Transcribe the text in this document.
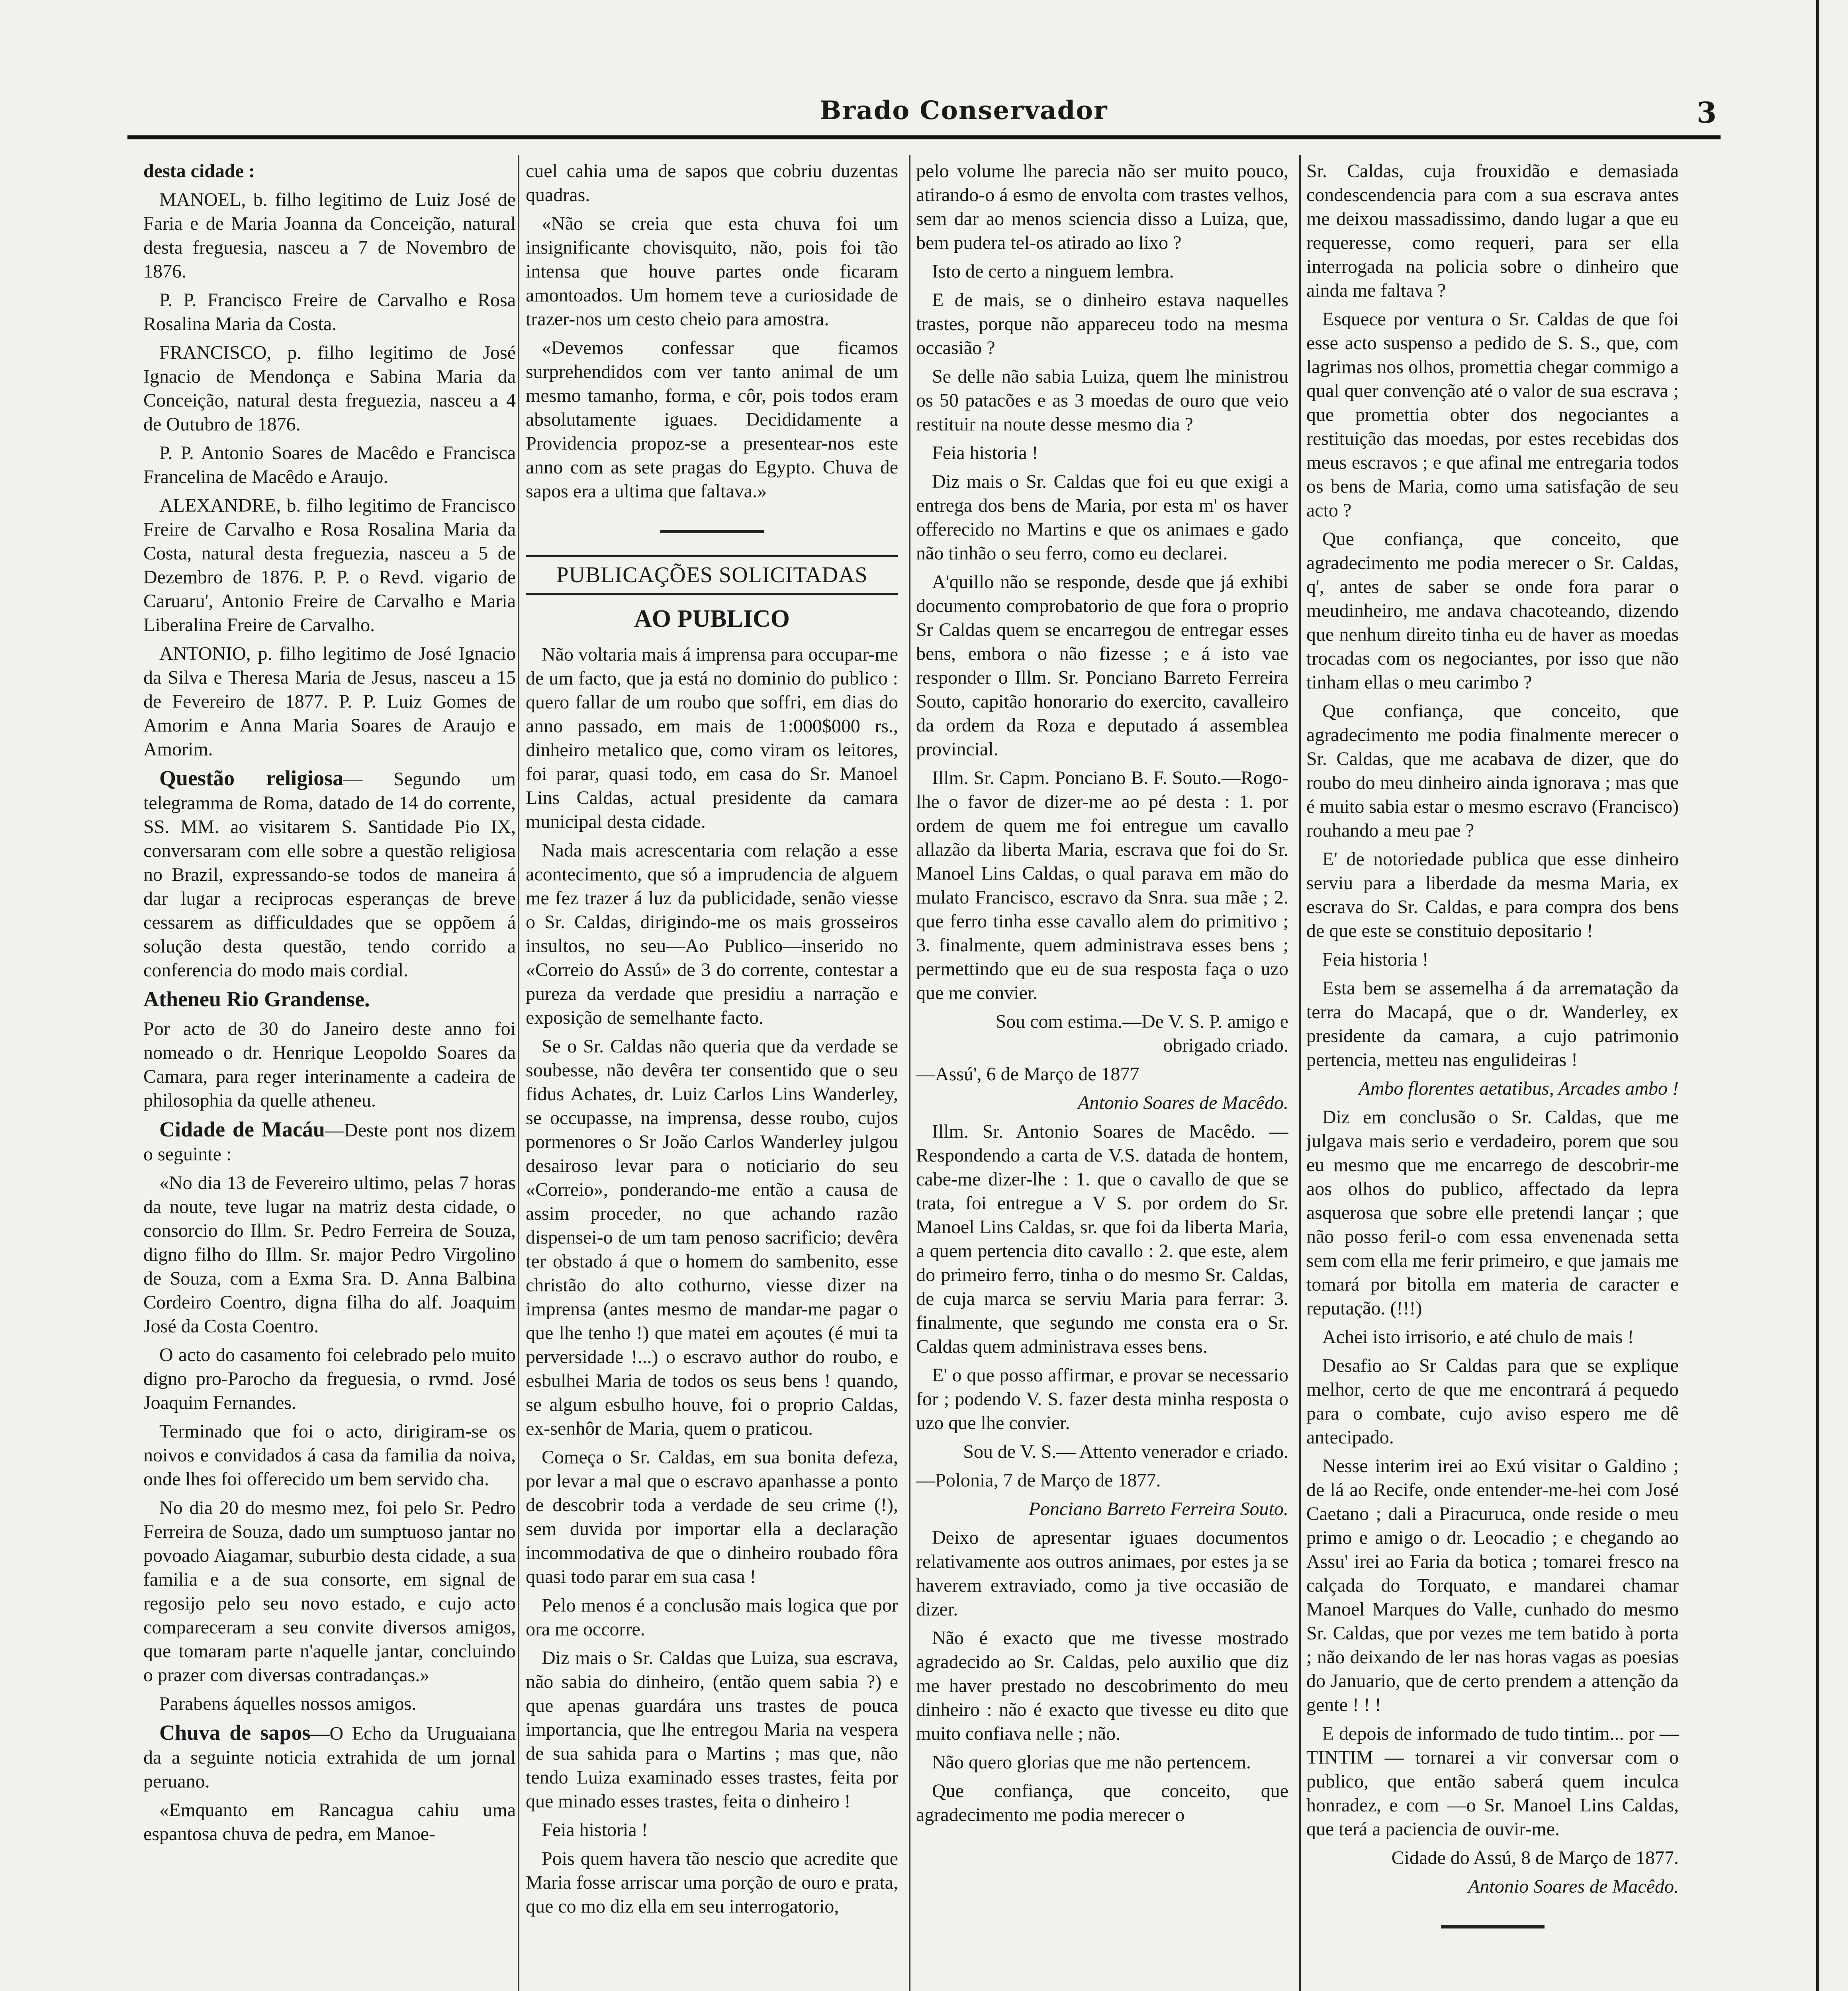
Brado Conservador	3

desta cidade :

MANOEL, b. filho legitimo de Luiz José de Faria e de Maria Joanna da Conceição, natural desta freguesia, nasceu a 7 de Novembro de 1876.

P. P. Francisco Freire de Carvalho e Rosa Rosalina Maria da Costa.

FRANCISCO, p. filho legitimo de José Ignacio de Mendonça e Sabina Maria da Conceição, natural desta freguezia, nasceu a 4 de Outubro de 1876.

P. P. Antonio Soares de Macêdo e Francisca Francelina de Macêdo e Araujo.

ALEXANDRE, b. filho legitimo de Francisco Freire de Carvalho e Rosa Rosalina Maria da Costa, natural desta freguezia, nasceu a 5 de Dezembro de 1876. P. P. o Revd. vigario de Caruaru', Antonio Freire de Carvalho e Maria Liberalina Freire de Carvalho.

ANTONIO, p. filho legitimo de José Ignacio da Silva e Theresa Maria de Jesus, nasceu a 15 de Fevereiro de 1877. P. P. Luiz Gomes de Amorim e Anna Maria Soares de Araujo e Amorim.

Questão religiosa— Segundo um telegramma de Roma, datado de 14 do corrente, SS. MM. ao visitarem S. Santidade Pio IX, conversaram com elle sobre a questão religiosa no Brazil, expressando-se todos de maneira á dar lugar a reciprocas esperanças de breve cessarem as difficuldades que se oppõem á solução desta questão, tendo corrido a conferencia do modo mais cordial.

Atheneu Rio Grandense.

Por acto de 30 do Janeiro deste anno foi nomeado o dr. Henrique Leopoldo Soares da Camara, para reger interinamente a cadeira de philosophia da quelle atheneu.

Cidade de Macáu—Deste pont nos dizem o seguinte :

«No dia 13 de Fevereiro ultimo, pelas 7 horas da noute, teve lugar na matriz desta cidade, o consorcio do Illm. Sr. Pedro Ferreira de Souza, digno filho do Illm. Sr. major Pedro Virgolino de Souza, com a Exma Sra. D. Anna Balbina Cordeiro Coentro, digna filha do alf. Joaquim José da Costa Coentro.

O acto do casamento foi celebrado pelo muito digno pro-Parocho da freguesia, o rvmd. José Joaquim Fernandes.

Terminado que foi o acto, dirigiram-se os noivos e convidados á casa da familia da noiva, onde lhes foi offerecido um bem servido cha.

No dia 20 do mesmo mez, foi pelo Sr. Pedro Ferreira de Souza, dado um sumptuoso jantar no povoado Aiagamar, suburbio desta cidade, a sua familia e a de sua consorte, em signal de regosijo pelo seu novo estado, e cujo acto compareceram a seu convite diversos amigos, que tomaram parte n'aquelle jantar, concluindo o prazer com diversas contradanças.»

Parabens áquelles nossos amigos.

Chuva de sapos—O Echo da Uruguaiana da a seguinte noticia extrahida de um jornal peruano.

«Emquanto em Rancagua cahiu uma espantosa chuva de pedra, em Manoe-

cuel cahia uma de sapos que cobriu duzentas quadras.

«Não se creia que esta chuva foi um insignificante chovisquito, não, pois foi tão intensa que houve partes onde ficaram amontoados. Um homem teve a curiosidade de trazer-nos um cesto cheio para amostra.

«Devemos confessar que ficamos surprehendidos com ver tanto animal de um mesmo tamanho, forma, e côr, pois todos eram absolutamente iguaes. Decididamente a Providencia propoz-se a presentear-nos este anno com as sete pragas do Egypto. Chuva de sapos era a ultima que faltava.»

PUBLICAÇÕES SOLICITADAS
AO PUBLICO

Não voltaria mais á imprensa para occupar-me de um facto, que ja está no dominio do publico : quero fallar de um roubo que soffri, em dias do anno passado, em mais de 1:000$000 rs., dinheiro metalico que, como viram os leitores, foi parar, quasi todo, em casa do Sr. Manoel Lins Caldas, actual presidente da camara municipal desta cidade.

Nada mais acrescentaria com relação a esse acontecimento, que só a imprudencia de alguem me fez trazer á luz da publicidade, senão viesse o Sr. Caldas, dirigindo-me os mais grosseiros insultos, no seu—Ao Publico—inserido no «Correio do Assú» de 3 do corrente, contestar a pureza da verdade que presidiu a narração e exposição de semelhante facto.

Se o Sr. Caldas não queria que da verdade se soubesse, não devêra ter consentido que o seu fidus Achates, dr. Luiz Carlos Lins Wanderley, se occupasse, na imprensa, desse roubo, cujos pormenores o Sr João Carlos Wanderley julgou desairoso levar para o noticiario do seu «Correio», ponderando-me então a causa de assim proceder, no que achando razão dispensei-o de um tam penoso sacrificio; devêra ter obstado á que o homem do sambenito, esse christão do alto cothurno, viesse dizer na imprensa (antes mesmo de mandar-me pagar o que lhe tenho !) que matei em açoutes (é mui ta perversidade !...) o escravo author do roubo, e esbulhei Maria de todos os seus bens ! quando, se algum esbulho houve, foi o proprio Caldas, ex-senhôr de Maria, quem o praticou.

Começa o Sr. Caldas, em sua bonita defeza, por levar a mal que o escravo apanhasse a ponto de descobrir toda a verdade de seu crime (!), sem duvida por importar ella a declaração incommodativa de que o dinheiro roubado fôra quasi todo parar em sua casa !

Pelo menos é a conclusão mais logica que por ora me occorre.

Diz mais o Sr. Caldas que Luiza, sua escrava, não sabia do dinheiro, (então quem sabia ?) e que apenas guardára uns trastes de pouca importancia, que lhe entregou Maria na vespera de sua sahida para o Martins ; mas que, não tendo Luiza examinado esses trastes, feita por que minado esses trastes, feita o dinheiro !

Feia historia !

Pois quem havera tão nescio que acredite que Maria fosse arriscar uma porção de ouro e prata, que co mo diz ella em seu interrogatorio,

pelo volume lhe parecia não ser muito pouco, atirando-o á esmo de envolta com trastes velhos, sem dar ao menos sciencia disso a Luiza, que, bem pudera tel-os atirado ao lixo ?

Isto de certo a ninguem lembra.

E de mais, se o dinheiro estava naquelles trastes, porque não appareceu todo na mesma occasião ?

Se delle não sabia Luiza, quem lhe ministrou os 50 patacões e as 3 moedas de ouro que veio restituir na noute desse mesmo dia ?

Feia historia !

Diz mais o Sr. Caldas que foi eu que exigi a entrega dos bens de Maria, por esta m' os haver offerecido no Martins e que os animaes e gado não tinhão o seu ferro, como eu declarei.

A'quillo não se responde, desde que já exhibi documento comprobatorio de que fora o proprio Sr Caldas quem se encarregou de entregar esses bens, embora o não fizesse ; e á isto vae responder o Illm. Sr. Ponciano Barreto Ferreira Souto, capitão honorario do exercito, cavalleiro da ordem da Roza e deputado á assemblea provincial.

Illm. Sr. Capm. Ponciano B. F. Souto.—Rogo-lhe o favor de dizer-me ao pé desta : 1. por ordem de quem me foi entregue um cavallo allazão da liberta Maria, escrava que foi do Sr. Manoel Lins Caldas, o qual parava em mão do mulato Francisco, escravo da Snra. sua mãe ; 2. que ferro tinha esse cavallo alem do primitivo ; 3. finalmente, quem administrava esses bens ; permettindo que eu de sua resposta faça o uzo que me convier.

Sou com estima.—De V. S. P. amigo e obrigado criado.

—Assú', 6 de Março de 1877

Antonio Soares de Macêdo.

Illm. Sr. Antonio Soares de Macêdo. —Respondendo a carta de V.S. datada de hontem, cabe-me dizer-lhe : 1. que o cavallo de que se trata, foi entregue a V S. por ordem do Sr. Manoel Lins Caldas, sr. que foi da liberta Maria, a quem pertencia dito cavallo : 2. que este, alem do primeiro ferro, tinha o do mesmo Sr. Caldas, de cuja marca se serviu Maria para ferrar: 3. finalmente, que segundo me consta era o Sr. Caldas quem administrava esses bens.

E' o que posso affirmar, e provar se necessario for ; podendo V. S. fazer desta minha resposta o uzo que lhe convier.

Sou de V. S.— Attento venerador e criado.

—Polonia, 7 de Março de 1877.

Ponciano Barreto Ferreira Souto.

Deixo de apresentar iguaes documentos relativamente aos outros animaes, por estes ja se haverem extraviado, como ja tive occasião de dizer.

Não é exacto que me tivesse mostrado agradecido ao Sr. Caldas, pelo auxilio que diz me haver prestado no descobrimento do meu dinheiro : não é exacto que tivesse eu dito que muito confiava nelle ; não.

Não quero glorias que me não pertencem.

Que confiança, que conceito, que agradecimento me podia merecer o

Sr. Caldas, cuja frouxidão e demasiada condescendencia para com a sua escrava antes me deixou massadissimo, dando lugar a que eu requeresse, como requeri, para ser ella interrogada na policia sobre o dinheiro que ainda me faltava ?

Esquece por ventura o Sr. Caldas de que foi esse acto suspenso a pedido de S. S., que, com lagrimas nos olhos, promettia chegar commigo a qual quer convenção até o valor de sua escrava ; que promettia obter dos negociantes a restituição das moedas, por estes recebidas dos meus escravos ; e que afinal me entregaria todos os bens de Maria, como uma satisfação de seu acto ?

Que confiança, que conceito, que agradecimento me podia merecer o Sr. Caldas, q', antes de saber se onde fora parar o meudinheiro, me andava chacoteando, dizendo que nenhum direito tinha eu de haver as moedas trocadas com os negociantes, por isso que não tinham ellas o meu carimbo ?

Que confiança, que conceito, que agradecimento me podia finalmente merecer o Sr. Caldas, que me acabava de dizer, que do roubo do meu dinheiro ainda ignorava ; mas que é muito sabia estar o mesmo escravo (Francisco) rouhando a meu pae ?

E' de notoriedade publica que esse dinheiro serviu para a liberdade da mesma Maria, ex escrava do Sr. Caldas, e para compra dos bens de que este se constituio depositario !

Feia historia !

Esta bem se assemelha á da arrematação da terra do Macapá, que o dr. Wanderley, ex presidente da camara, a cujo patrimonio pertencia, metteu nas engulideiras !

Ambo florentes aetatibus, Arcades ambo !

Diz em conclusão o Sr. Caldas, que me julgava mais serio e verdadeiro, porem que sou eu mesmo que me encarrego de descobrir-me aos olhos do publico, affectado da lepra asquerosa que sobre elle pretendi lançar ; que não posso feril-o com essa envenenada setta sem com ella me ferir primeiro, e que jamais me tomará por bitolla em materia de caracter e reputação. (!!!)

Achei isto irrisorio, e até chulo de mais !

Desafio ao Sr Caldas para que se explique melhor, certo de que me encontrará á pequedo para o combate, cujo aviso espero me dê antecipado.

Nesse interim irei ao Exú visitar o Galdino ; de lá ao Recife, onde entender-me-hei com José Caetano ; dali a Piracuruca, onde reside o meu primo e amigo o dr. Leocadio ; e chegando ao Assu' irei ao Faria da botica ; tomarei fresco na calçada do Torquato, e mandarei chamar Manoel Marques do Valle, cunhado do mesmo Sr. Caldas, que por vezes me tem batido à porta ; não deixando de ler nas horas vagas as poesias do Januario, que de certo prendem a attenção da gente ! ! !

E depois de informado de tudo tintim... por — TINTIM — tornarei a vir conversar com o publico, que então saberá quem inculca honradez, e com —o Sr. Manoel Lins Caldas, que terá a paciencia de ouvir-me.

Cidade do Assú, 8 de Março de 1877.

Antonio Soares de Macêdo.
